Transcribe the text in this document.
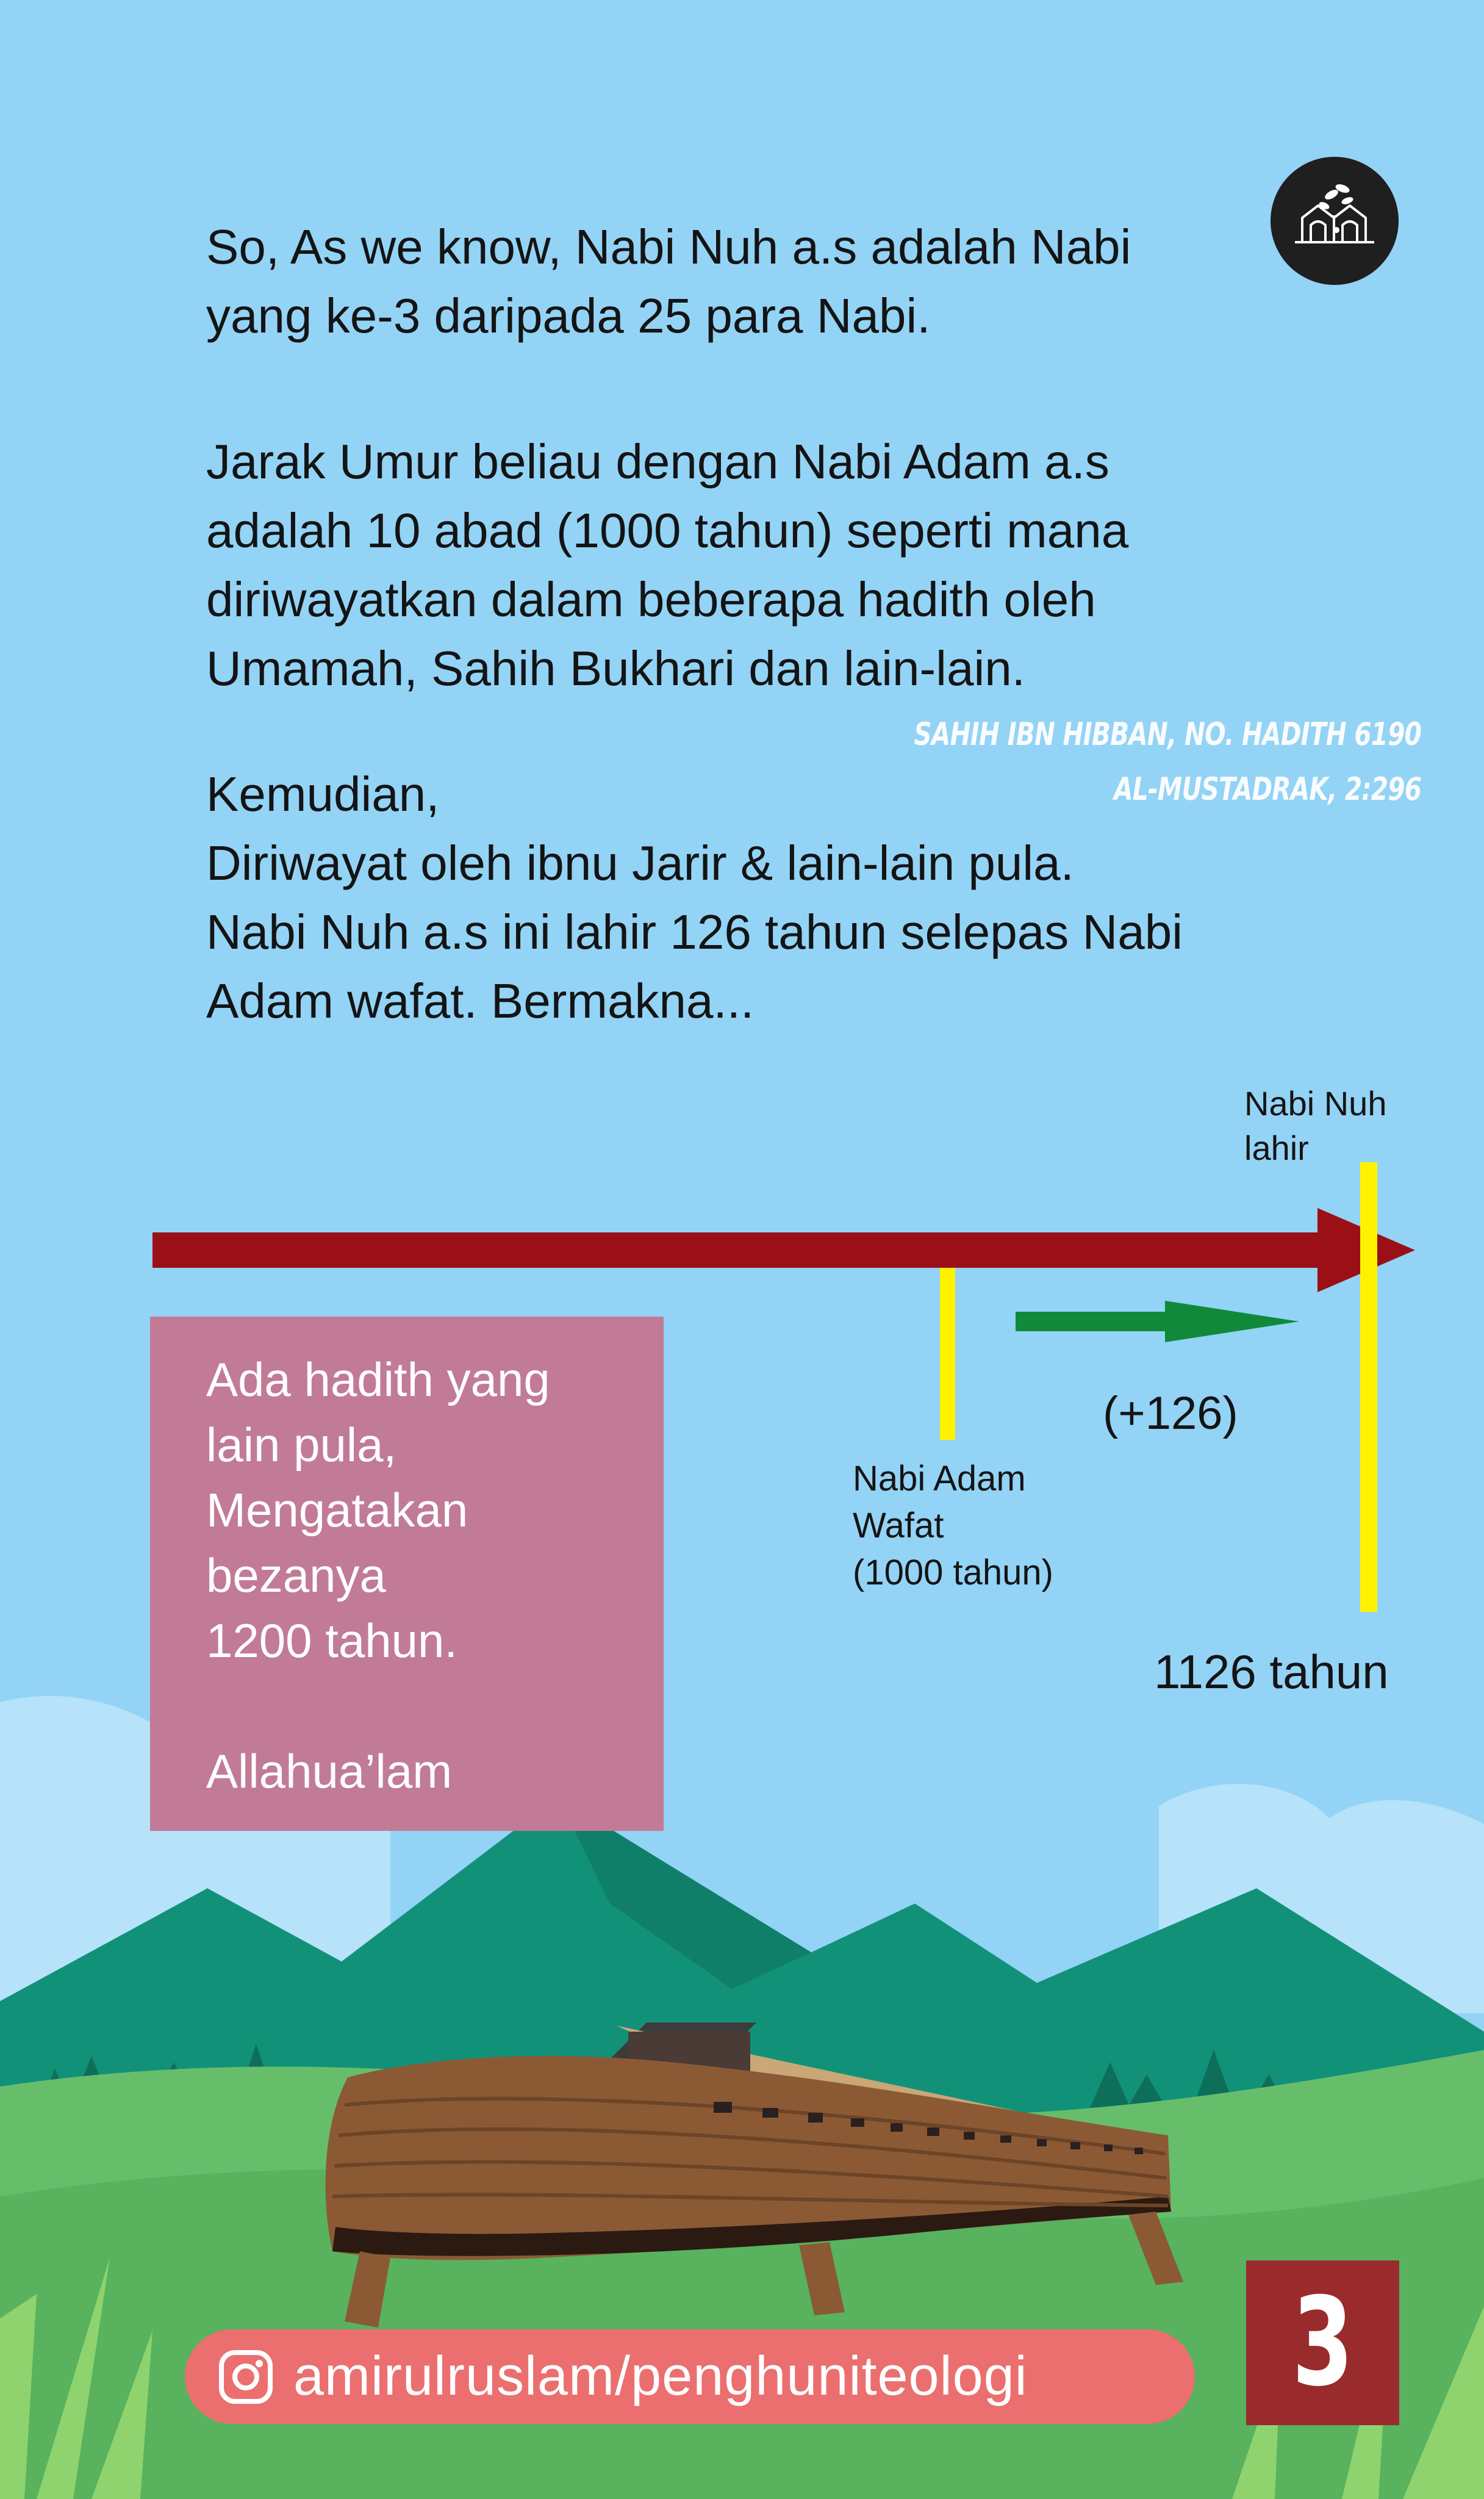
So, As we know, Nabi Nuh a.s adalah Nabi
yang ke-3 daripada 25 para Nabi.

Jarak Umur beliau dengan Nabi Adam a.s
adalah 10 abad (1000 tahun) seperti mana
diriwayatkan dalam beberapa hadith oleh
Umamah, Sahih Bukhari dan lain-lain.

Kemudian,
Diriwayat oleh ibnu Jarir & lain-lain pula.
Nabi Nuh a.s ini lahir 126 tahun selepas Nabi
Adam wafat. Bermakna...

SAHIH IBN HIBBAN, NO. HADITH 6190
AL-MUSTADRAK, 2:296

Nabi Nuh
lahir

Nabi Adam
Wafat
(1000 tahun)

(+126)

1126 tahun

Ada hadith yang
lain pula,
Mengatakan
bezanya
1200 tahun.

Allahua’lam

amirulruslam/penghuniteologi 3
